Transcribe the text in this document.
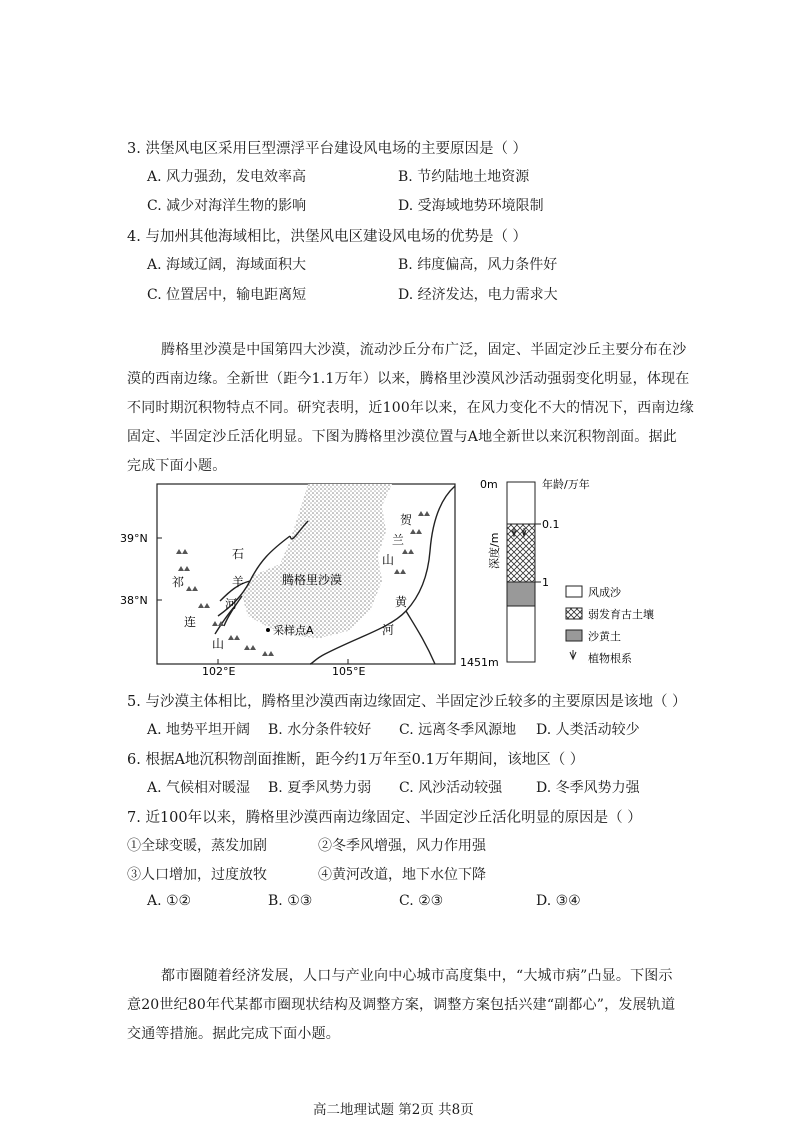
3. 洪堡风电区采用巨型漂浮平台建设风电场的主要原因是（ ）
A. 风力强劲，发电效率高	B. 节约陆地土地资源
C. 减少对海洋生物的影响	D. 受海域地势环境限制
4. 与加州其他海域相比，洪堡风电区建设风电场的优势是（ ）
A. 海域辽阔，海域面积大	B. 纬度偏高，风力条件好
C. 位置居中，输电距离短	D. 经济发达，电力需求大
腾格里沙漠是中国第四大沙漠，流动沙丘分布广泛，固定、半固定沙丘主要分布在沙
漠的西南边缘。全新世（距今1.1万年）以来，腾格里沙漠风沙活动强弱变化明显，体现在
不同时期沉积物特点不同。研究表明，近100年以来，在风力变化不大的情况下，西南边缘
固定、半固定沙丘活化明显。下图为腾格里沙漠位置与A地全新世以来沉积物剖面。据此
完成下面小题。
39°N
38°N
102°E	105°E
腾格里沙漠
采样点A
祁
连
山
石
羊
河
贺
兰
山
黄
河
0m
1451m
年龄/万年
0.1
1
深度/m
风成沙
弱发育古土壤
沙黄土
植物根系
5. 与沙漠主体相比，腾格里沙漠西南边缘固定、半固定沙丘较多的主要原因是该地（ ）
A. 地势平坦开阔 B. 水分条件较好 C. 远离冬季风源地 D. 人类活动较少
6. 根据A地沉积物剖面推断，距今约1万年至0.1万年期间，该地区（ ）
A. 气候相对暖湿 B. 夏季风势力弱 C. 风沙活动较强 D. 冬季风势力强
7. 近100年以来，腾格里沙漠西南边缘固定、半固定沙丘活化明显的原因是（ ）
①全球变暖，蒸发加剧	②冬季风增强，风力作用强
③人口增加，过度放牧	④黄河改道，地下水位下降
A. ①②	B. ①③	C. ②③	D. ③④
都市圈随着经济发展，人口与产业向中心城市高度集中，“大城市病”凸显。下图示
意20世纪80年代某都市圈现状结构及调整方案，调整方案包括兴建“副都心”，发展轨道
交通等措施。据此完成下面小题。
高二地理试题 第2页 共8页
